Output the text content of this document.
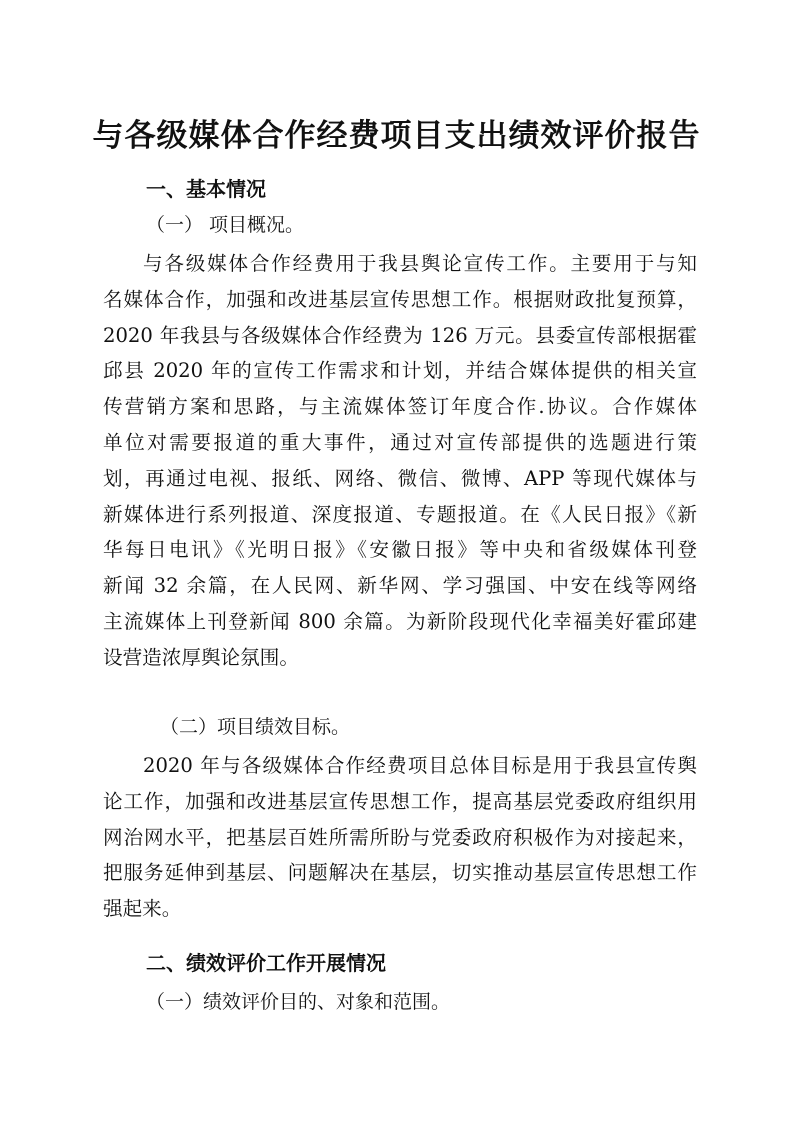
与各级媒体合作经费项目支出绩效评价报告
一、基本情况
（一） 项目概况。
与各级媒体合作经费用于我县舆论宣传工作。主要用于与知
名媒体合作，加强和改进基层宣传思想工作。根据财政批复预算，
2020 年我县与各级媒体合作经费为 126 万元。县委宣传部根据霍
邱县 2020 年的宣传工作需求和计划，并结合媒体提供的相关宣
传营销方案和思路，与主流媒体签订年度合作.协议。合作媒体
单位对需要报道的重大事件，通过对宣传部提供的选题进行策
划，再通过电视、报纸、网络、微信、微博、APP 等现代媒体与
新媒体进行系列报道、深度报道、专题报道。在《人民日报》《新
华每日电讯》《光明日报》《安徽日报》等中央和省级媒体刊登
新闻 32 余篇，在人民网、新华网、学习强国、中安在线等网络
主流媒体上刊登新闻 800 余篇。为新阶段现代化幸福美好霍邱建
设营造浓厚舆论氛围。
（二）项目绩效目标。
2020 年与各级媒体合作经费项目总体目标是用于我县宣传舆
论工作，加强和改进基层宣传思想工作，提高基层党委政府组织用
网治网水平，把基层百姓所需所盼与党委政府积极作为对接起来，
把服务延伸到基层、问题解决在基层，切实推动基层宣传思想工作
强起来。
二、绩效评价工作开展情况
（一）绩效评价目的、对象和范围。
